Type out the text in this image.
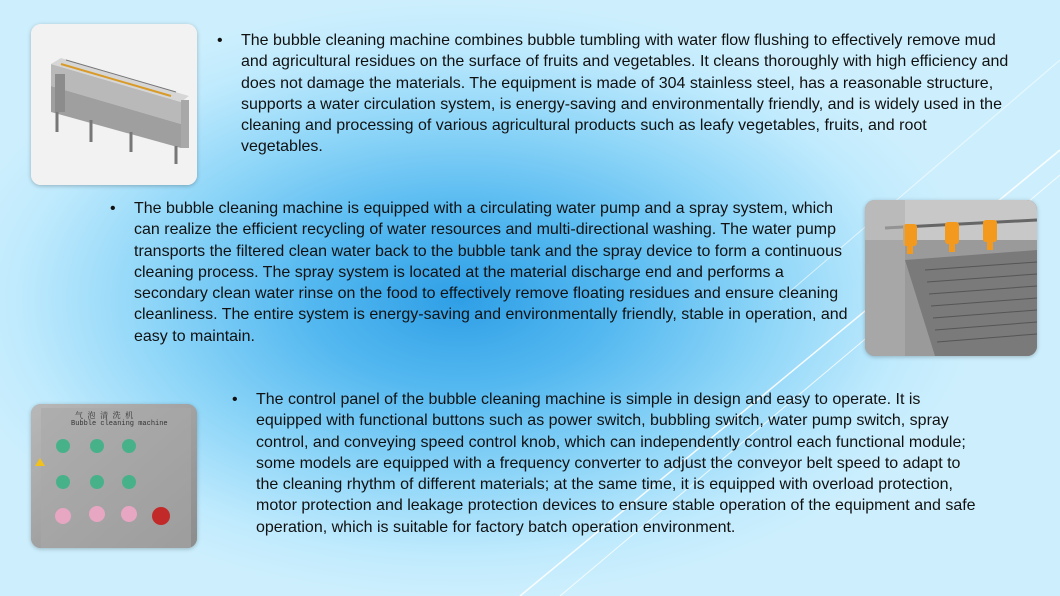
气 泡 清 洗 机
Bubble cleaning machine
• The bubble cleaning machine combines bubble tumbling with water flow flushing to effectively remove mud and agricultural residues on the surface of fruits and vegetables. It cleans thoroughly with high efficiency and does not damage the materials. The equipment is made of 304 stainless steel, has a reasonable structure, supports a water circulation system, is energy-saving and environmentally friendly, and is widely used in the cleaning and processing of various agricultural products such as leafy vegetables, fruits, and root vegetables.

• The bubble cleaning machine is equipped with a circulating water pump and a spray system, which can realize the efficient recycling of water resources and multi-directional washing. The water pump transports the filtered clean water back to the bubble tank and the spray device to form a continuous cleaning process. The spray system is located at the material discharge end and performs a secondary clean water rinse on the food to effectively remove floating residues and ensure cleaning cleanliness. The entire system is energy-saving and environmentally friendly, stable in operation, and easy to maintain.

• The control panel of the bubble cleaning machine is simple in design and easy to operate. It is equipped with functional buttons such as power switch, bubbling switch, water pump switch, spray control, and conveying speed control knob, which can independently control each functional module; some models are equipped with a frequency converter to adjust the conveyor belt speed to adapt to the cleaning rhythm of different materials; at the same time, it is equipped with overload protection, motor protection and leakage protection devices to ensure stable operation of the equipment and safe operation, which is suitable for factory batch operation environment.
